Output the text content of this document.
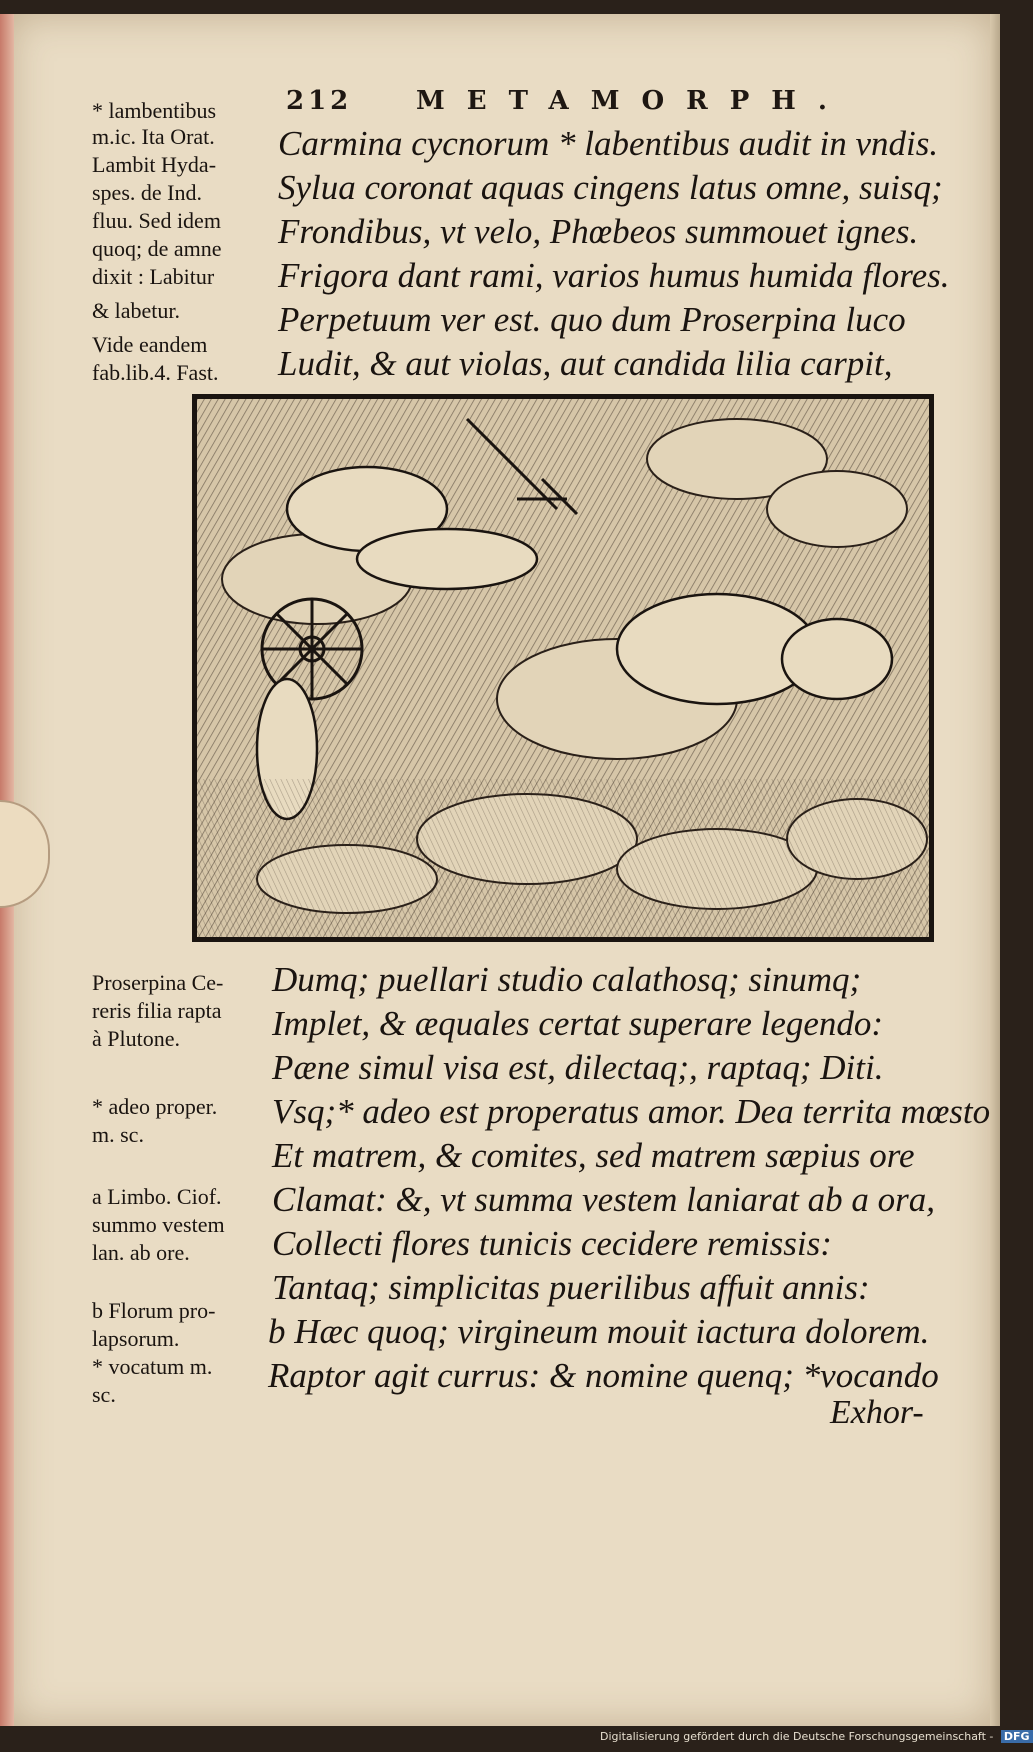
212 METAMORPH.
Carmina cycnorum * labentibus audit in vndis.
Sylua coronat aquas cingens latus omne, suisq;
Frondibus, vt velo, Phœbeos summouet ignes.
Frigora dant rami, varios humus humida flores.
Perpetuum ver est. quo dum Proserpina luco
Ludit, & aut violas, aut candida lilia carpit,
* lambentibus
m.ic. Ita Orat.
Lambit Hyda-
spes. de Ind.
fluu. Sed idem
quoq; de amne
dixit : Labitur
& labetur.
Vide eandem
fab.lib.4. Fast.
Proserpina Ce-
reris filia rapta
à Plutone.
* adeo proper.
m. sc.
a Limbo. Ciof.
summo vestem
lan. ab ore.
b Florum pro-
lapsorum.
* vocatum m.
sc.
Dumq; puellari studio calathosq; sinumq;
Implet, & æquales certat superare legendo:
Pæne simul visa est, dilectaq;, raptaq; Diti.
Vsq;* adeo est properatus amor. Dea territa mœsto
Et matrem, & comites, sed matrem sæpius ore
Clamat: &, vt summa vestem laniarat ab a ora,
Collecti flores tunicis cecidere remissis:
Tantaq; simplicitas puerilibus affuit annis:
b Hæc quoq; virgineum mouit iactura dolorem.
Raptor agit currus: & nomine quenq; *vocando
Exhor-
Digitalisierung gefördert durch die Deutsche Forschungsgemeinschaft - DFG
